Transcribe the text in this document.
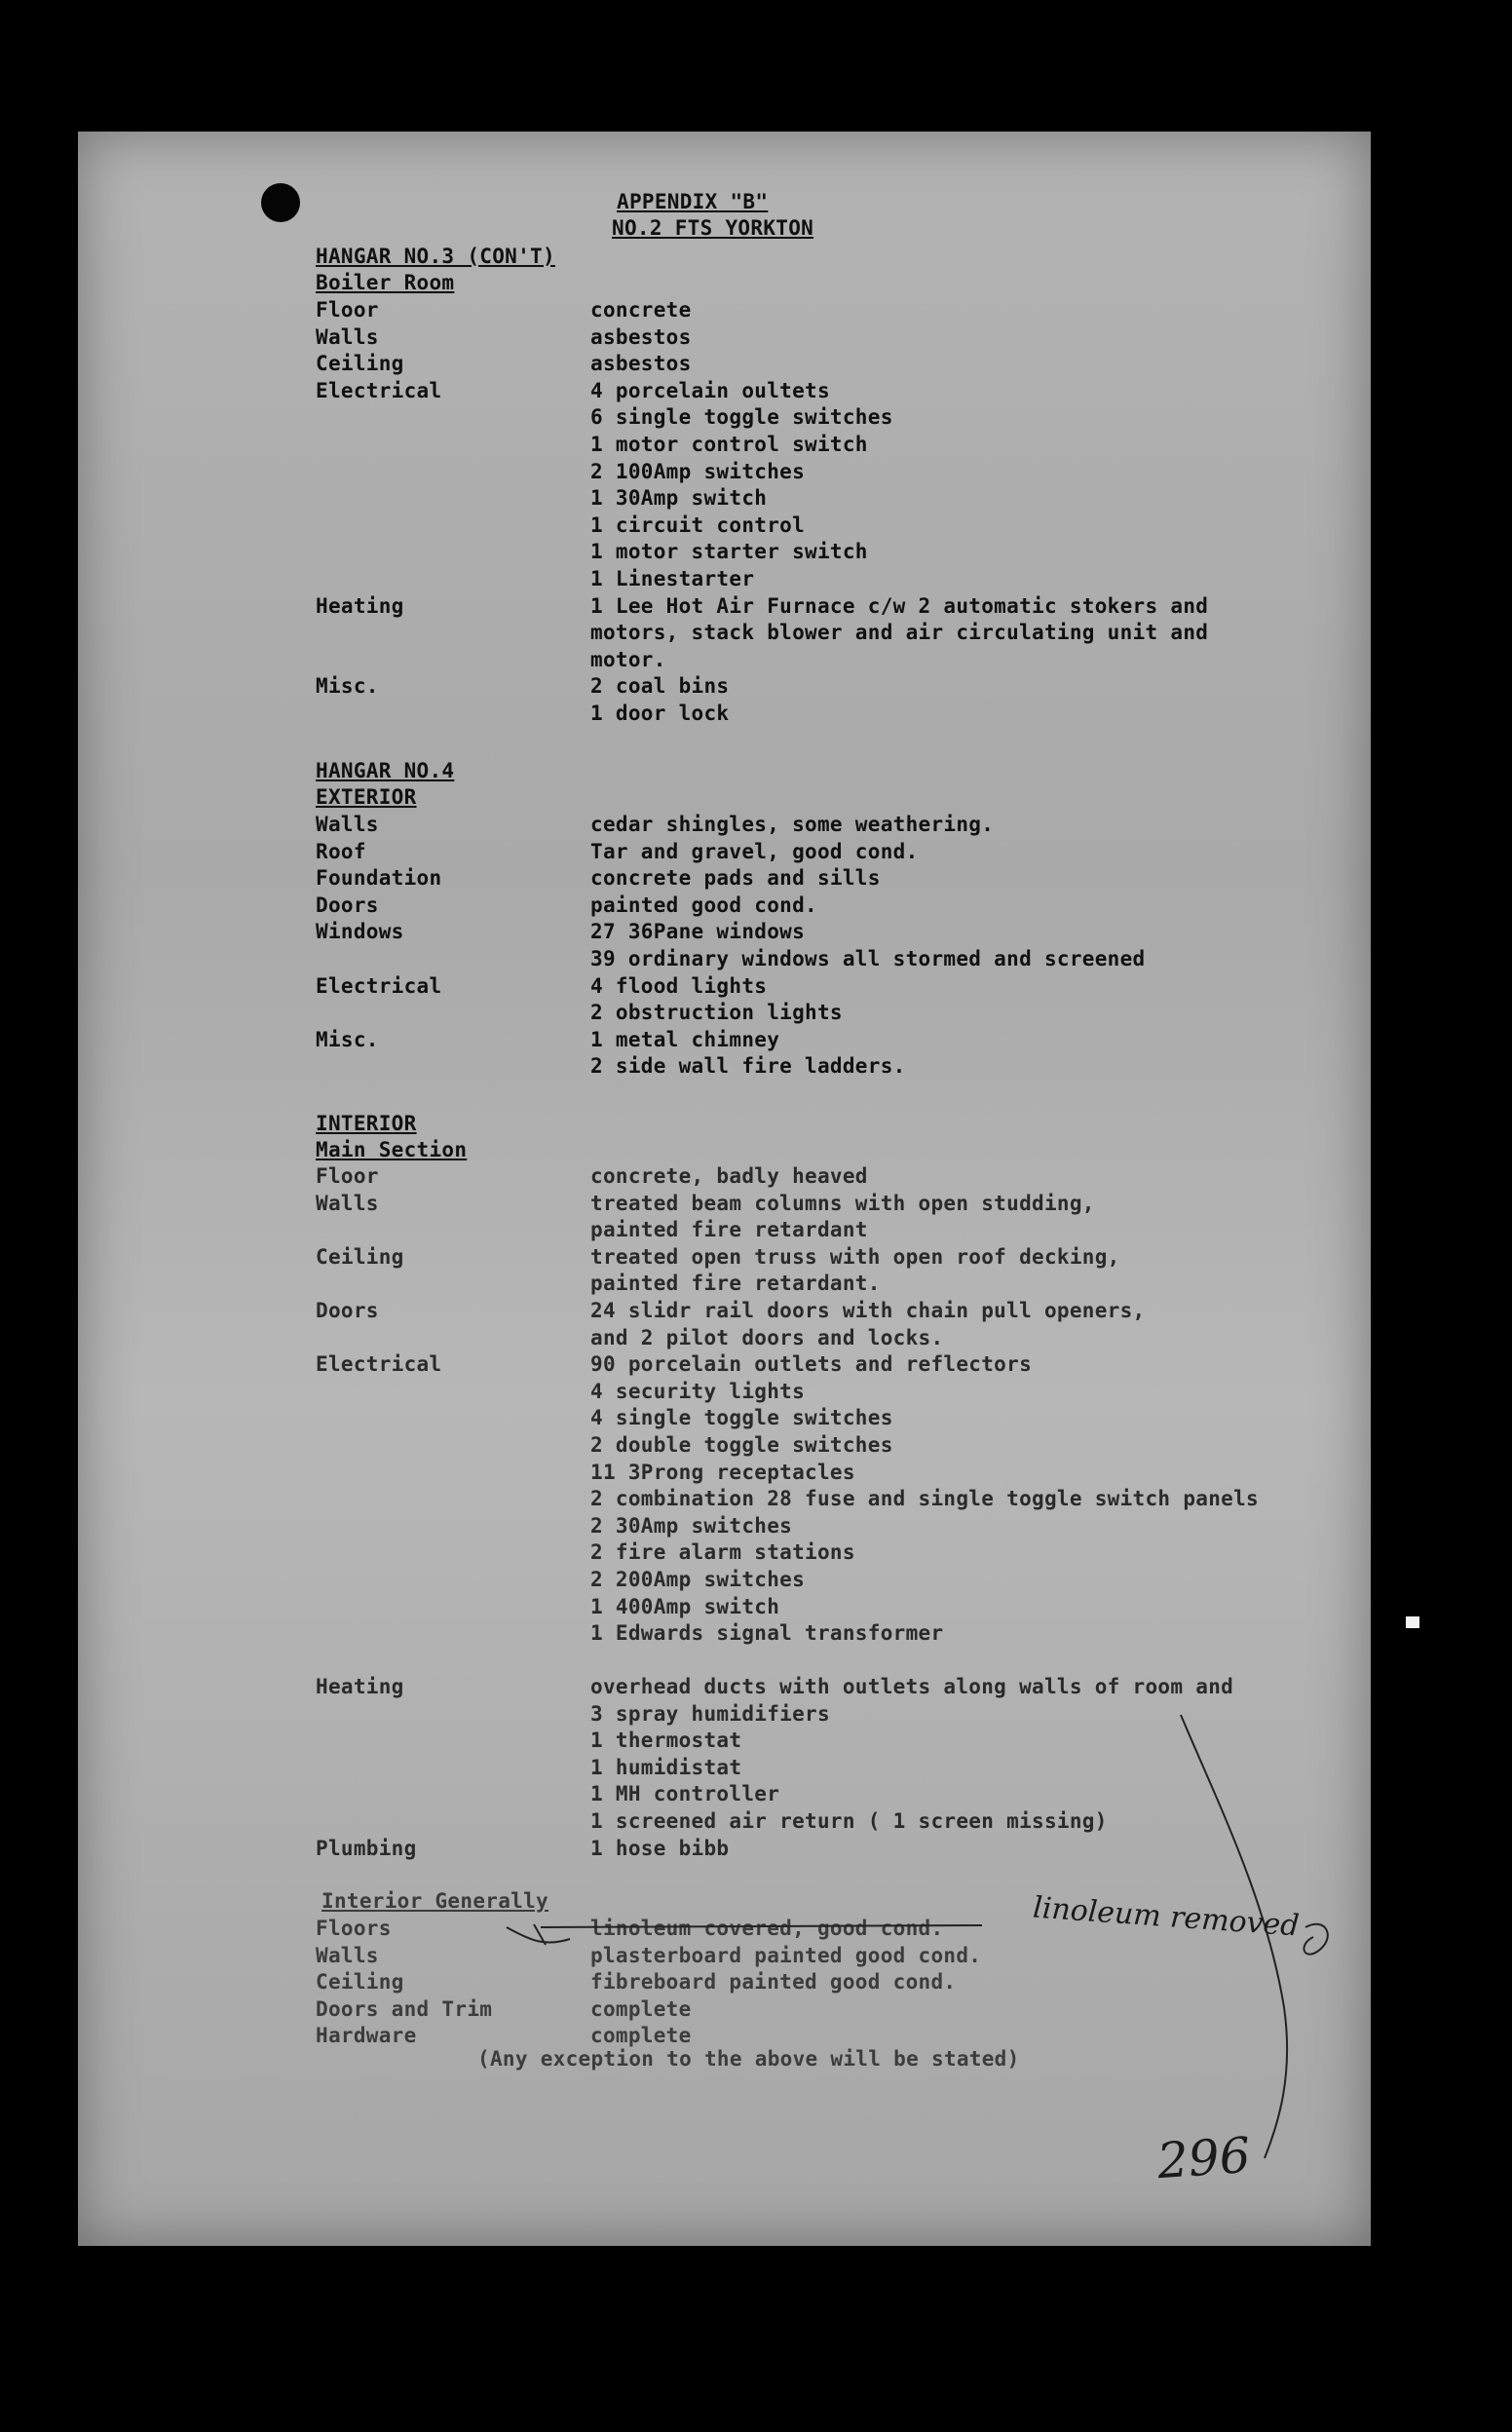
APPENDIX "B"
NO.2 FTS YORKTON
HANGAR NO.3 (CON'T)
Boiler Room
Floor	concrete
Walls	asbestos
Ceiling	asbestos
Electrical	4 porcelain oultets
6 single toggle switches
1 motor control switch
2 100Amp switches
1 30Amp switch
1 circuit control
1 motor starter switch
1 Linestarter
Heating	1 Lee Hot Air Furnace c/w 2 automatic stokers and
motors, stack blower and air circulating unit and
motor.
Misc.	2 coal bins
1 door lock
HANGAR NO.4
EXTERIOR
Walls	cedar shingles, some weathering.
Roof	Tar and gravel, good cond.
Foundation	concrete pads and sills
Doors	painted good cond.
Windows	27 36Pane windows
39 ordinary windows all stormed and screened
Electrical	4 flood lights
2 obstruction lights
Misc.	1 metal chimney
2 side wall fire ladders.
INTERIOR
Main Section
Floor	concrete, badly heaved
Walls	treated beam columns with open studding,
painted fire retardant
Ceiling	treated open truss with open roof decking,
painted fire retardant.
Doors	24 slidr rail doors with chain pull openers,
and 2 pilot doors and locks.
Electrical	90 porcelain outlets and reflectors
4 security lights
4 single toggle switches
2 double toggle switches
11 3Prong receptacles
2 combination 28 fuse and single toggle switch panels
2 30Amp switches
2 fire alarm stations
2 200Amp switches
1 400Amp switch
1 Edwards signal transformer
Heating	overhead ducts with outlets along walls of room and
3 spray humidifiers
1 thermostat
1 humidistat
1 MH controller
1 screened air return ( 1 screen missing)
Plumbing	1 hose bibb
Interior Generally
Floors	linoleum covered, good cond.
Walls	plasterboard painted good cond.
Ceiling	fibreboard painted good cond.
Doors and Trim	complete
Hardware	complete
(Any exception to the above will be stated)
linoleum removed
296
